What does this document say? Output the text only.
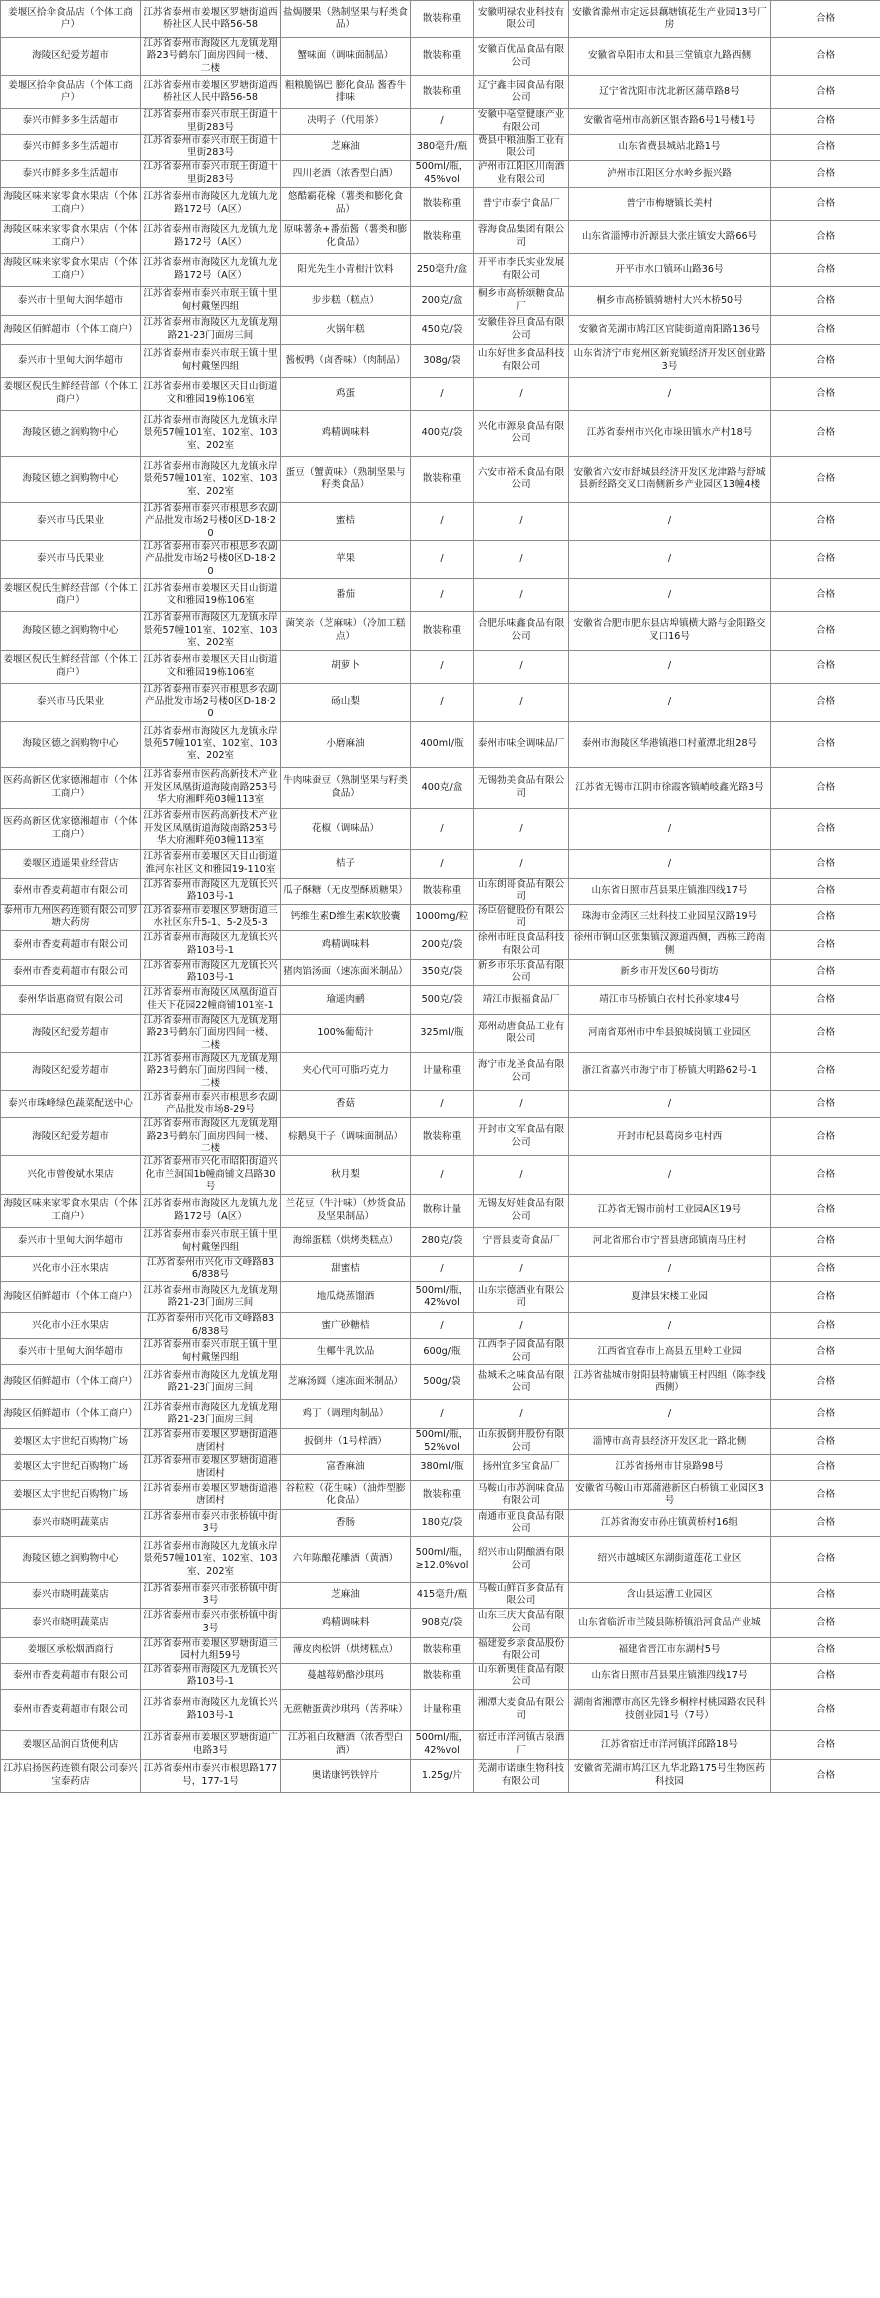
姜堰区拾伞食品店（个体工商户）	江苏省泰州市姜堰区罗塘街道西桥社区人民中路56-58	盐焗腰果（熟制坚果与籽类食品）	散装称重	安徽明禄农业科技有限公司	安徽省滁州市定远县藕塘镇花生产业园13号厂房	合格
海陵区纪爱芳超市	江苏省泰州市海陵区九龙镇龙翔路23号鹤东门面房四间一楼、二楼	蟹味面（调味面制品）	散装称重	安徽百优品食品有限公司	安徽省阜阳市太和县三堂镇京九路西侧	合格
姜堰区拾伞食品店（个体工商户）	江苏省泰州市姜堰区罗塘街道西桥社区人民中路56-58	粗粮脆锅巴 膨化食品 酱香牛排味	散装称重	辽宁鑫丰园食品有限公司	辽宁省沈阳市沈北新区蒲草路8号	合格
泰兴市鲜多多生活超市	江苏省泰州市泰兴市珉王街道十里街283号	决明子（代用茶）	/	安徽中亳堂健康产业有限公司	安徽省亳州市高新区银杏路6号1号楼1号	合格
泰兴市鲜多多生活超市	江苏省泰州市泰兴市珉王街道十里街283号	芝麻油	380毫升/瓶	费县中粮油脂工业有限公司	山东省费县城站北路1号	合格
泰兴市鲜多多生活超市	江苏省泰州市泰兴市珉王街道十里街283号	四川老酒（浓香型白酒）	500ml/瓶，45%vol	泸州市江阳区川南酒业有限公司	泸州市江阳区分水岭乡振兴路	合格
海陵区味来家零食水果店（个体工商户）	江苏省泰州市海陵区九龙镇九龙路172号（A区）	悠酷霸花椽（薯类和膨化食品）	散装称重	普宁市泰宁食品厂	普宁市梅塘镇长美村	合格
海陵区味来家零食水果店（个体工商户）	江苏省泰州市海陵区九龙镇九龙路172号（A区）	原味薯条+番茄酱（薯类和膨化食品）	散装称重	蓉海食品集团有限公司	山东省淄博市沂源县大张庄镇安大路66号	合格
海陵区味来家零食水果店（个体工商户）	江苏省泰州市海陵区九龙镇九龙路172号（A区）	阳光先生小青柑汁饮料	250毫升/盒	开平市李氏实业发展有限公司	开平市水口镇环山路36号	合格
泰兴市十里甸大润华超市	江苏省泰州市泰兴市珉王镇十里甸村戴堡四组	步步糕（糕点）	200克/盒	桐乡市高桥颂糖食品厂	桐乡市高桥镇骑塘村大兴木桥50号	合格
海陵区佰鲜超市（个体工商户）	江苏省泰州市海陵区九龙镇龙翔路21-23门面房三间	火锅年糕	450克/袋	安徽佳谷旦食品有限公司	安徽省芜湖市鸠江区官陡街道南阳路136号	合格
泰兴市十里甸大润华超市	江苏省泰州市泰兴市珉王镇十里甸村戴堡四组	酱板鸭（卤香味）（肉制品）	308g/袋	山东好世多食品科技有限公司	山东省济宁市兖州区新兖镇经济开发区创业路3号	合格
姜堰区倪氏生鲜经营部（个体工商户）	江苏省泰州市姜堰区天目山街道文和雅园19栋106室	鸡蛋	/	/	/	合格
海陵区德之润购物中心	江苏省泰州市海陵区九龙镇永岸景苑57幢101室、102室、103室、202室	鸡精调味料	400克/袋	兴化市源泉食品有限公司	江苏省泰州市兴化市垛田镇水产村18号	合格
海陵区德之润购物中心	江苏省泰州市海陵区九龙镇永岸景苑57幢101室、102室、103室、202室	蛋豆（蟹黄味）（熟制坚果与籽类食品）	散装称重	六安市裕禾食品有限公司	安徽省六安市舒城县经济开发区龙津路与舒城县新经路交叉口南侧新乡产业园区13幢4楼	合格
泰兴市马氏果业	江苏省泰州市泰兴市根思乡农副产品批发市场2号楼0区D-18·20	蜜桔	/	/	/	合格
泰兴市马氏果业	江苏省泰州市泰兴市根思乡农副产品批发市场2号楼0区D-18·20	苹果	/	/	/	合格
姜堰区倪氏生鲜经营部（个体工商户）	江苏省泰州市姜堰区天目山街道文和雅园19栋106室	番茄	/	/	/	合格
海陵区德之润购物中心	江苏省泰州市海陵区九龙镇永岸景苑57幢101室、102室、103室、202室	菌笑亲（芝麻味）（冷加工糕点）	散装称重	合肥乐味鑫食品有限公司	安徽省合肥市肥东县店埠镇横大路与金阳路交叉口16号	合格
姜堰区倪氏生鲜经营部（个体工商户）	江苏省泰州市姜堰区天目山街道文和雅园19栋106室	胡萝卜	/	/	/	合格
泰兴市马氏果业	江苏省泰州市泰兴市根思乡农副产品批发市场2号楼0区D-18·20	砀山梨	/	/	/	合格
海陵区德之润购物中心	江苏省泰州市海陵区九龙镇永岸景苑57幢101室、102室、103室、202室	小磨麻油	400ml/瓶	泰州市味全调味品厂	泰州市海陵区华港镇港口村董潭北组28号	合格
医药高新区优家德湘超市（个体工商户）	江苏省泰州市医药高新技术产业开发区凤凰街道海陵南路253号华大府湘畔苑03幢113室	牛肉味蚕豆（熟制坚果与籽类食品）	400克/盒	无锡勃美食品有限公司	江苏省无锡市江阴市徐霞客镇峭岐鑫光路3号	合格
医药高新区优家德湘超市（个体工商户）	江苏省泰州市医药高新技术产业开发区凤凰街道海陵南路253号华大府湘畔苑03幢113室	花椒（调味品）	/	/	/	合格
姜堰区逍遥果业经营店	江苏省泰州市姜堰区天目山街道淮河东社区文和雅园19-110室	桔子	/	/	/	合格
泰州市香麦莉超市有限公司	江苏省泰州市海陵区九龙镇长兴路103号-1	瓜子酥糖（无皮型酥质糖果）	散装称重	山东朗哥食品有限公司	山东省日照市莒县果庄镇淮四线17号	合格
泰州市九州医药连锁有限公司罗塘大药房	江苏省泰州市姜堰区罗塘街道三水社区东升5-1、5-2及5-3	钙维生素D维生素K软胶囊	1000mg/粒	汤臣倍健股份有限公司	珠海市金湾区三灶科技工业园星汉路19号	合格
泰州市香麦莉超市有限公司	江苏省泰州市海陵区九龙镇长兴路103号-1	鸡精调味料	200克/袋	徐州市旺良食品科技有限公司	徐州市铜山区张集镇汉源道西侧，西栋三跨南侧	合格
泰州市香麦莉超市有限公司	江苏省泰州市海陵区九龙镇长兴路103号-1	猪肉馅汤面（速冻面米制品）	350克/袋	新乡市乐乐食品有限公司	新乡市开发区60号街坊	合格
泰州华诣惠商贸有限公司	江苏省泰州市海陵区凤凰街道百佳天下花园22幢商铺101室-1	瑜遥肉鹂	500克/袋	靖江市振福食品厂	靖江市马桥镇白衣村长孙家埭4号	合格
海陵区纪爱芳超市	江苏省泰州市海陵区九龙镇龙翔路23号鹤东门面房四间一楼、二楼	100%葡萄汁	325ml/瓶	郑州动唐食品工业有限公司	河南省郑州市中牟县狼城岗镇工业园区	合格
海陵区纪爱芳超市	江苏省泰州市海陵区九龙镇龙翔路23号鹤东门面房四间一楼、二楼	夹心代可可脂巧克力	计量称重	海宁市龙圣食品有限公司	浙江省嘉兴市海宁市丁桥镇大明路62号-1	合格
泰兴市珠峰绿色蔬菜配送中心	江苏省泰州市泰兴市根思乡农副产品批发市场8-29号	香菇	/	/	/	合格
海陵区纪爱芳超市	江苏省泰州市海陵区九龙镇龙翔路23号鹤东门面房四间一楼、二楼	棕鹅臭干子（调味面制品）	散装称重	开封市文军食品有限公司	开封市杞县葛岗乡屯村西	合格
兴化市曾俊斌水果店	江苏省泰州市兴化市昭阳街道兴化市兰洞国1b幢商铺文昌路30号	秋月梨	/	/	/	合格
海陵区味来家零食水果店（个体工商户）	江苏省泰州市海陵区九龙镇九龙路172号（A区）	兰花豆（牛汁味）（炒货食品及坚果制品）	散称计量	无锡友好娃食品有限公司	江苏省无锡市前村工业园A区19号	合格
泰兴市十里甸大润华超市	江苏省泰州市泰兴市珉王镇十里甸村戴堡四组	海绵蛋糕（烘烤类糕点）	280克/袋	宁晋县麦奇食品厂	河北省邢台市宁晋县唐邱镇南马庄村	合格
兴化市小汪水果店	江苏省泰州市兴化市文峰路836/838号	甜蜜桔	/	/	/	合格
海陵区佰鲜超市（个体工商户）	江苏省泰州市海陵区九龙镇龙翔路21-23门面房三间	地瓜烧蒸馏酒	500ml/瓶，42%vol	山东宗德酒业有限公司	夏津县宋楼工业园	合格
兴化市小汪水果店	江苏省泰州市兴化市文峰路836/838号	蜜广砂糖桔	/	/	/	合格
泰兴市十里甸大润华超市	江苏省泰州市泰兴市珉王镇十里甸村戴堡四组	生椰牛乳饮品	600g/瓶	江西李子园食品有限公司	江西省宜春市上高县五里岭工业园	合格
海陵区佰鲜超市（个体工商户）	江苏省泰州市海陵区九龙镇龙翔路21-23门面房三间	芝麻汤圆（速冻面米制品）	500g/袋	盐城禾之味食品有限公司	江苏省盐城市射阳县特庸镇王村四组（陈李线西侧）	合格
海陵区佰鲜超市（个体工商户）	江苏省泰州市海陵区九龙镇龙翔路21-23门面房三间	鸡丁（调理肉制品）	/	/	/	合格
姜堰区太宇世纪百购物广场	江苏省泰州市姜堰区罗塘街道港唐团村	扳倒井（1号样酒）	500ml/瓶，52%vol	山东扳倒井股份有限公司	淄博市高青县经济开发区北一路北侧	合格
姜堰区太宇世纪百购物广场	江苏省泰州市姜堰区罗塘街道港唐团村	富香麻油	380ml/瓶	扬州宜多宝食品厂	江苏省扬州市甘泉路98号	合格
姜堰区太宇世纪百购物广场	江苏省泰州市姜堰区罗塘街道港唐团村	谷粒粒（花生味）（油炸型膨化食品）	散装称重	马鞍山市苏润味食品有限公司	安徽省马鞍山市郑蒲港新区白桥镇工业园区3号	合格
泰兴市晓明蔬菜店	江苏省泰州市泰兴市张桥镇中街3号	香肠	180克/袋	南通市亚良食品有限公司	江苏省海安市孙庄镇黄桥村16组	合格
海陵区德之润购物中心	江苏省泰州市海陵区九龙镇永岸景苑57幢101室、102室、103室、202室	六年陈酿花雕酒（黄酒）	500ml/瓶，≥12.0%vol	绍兴市山阴酿酒有限公司	绍兴市越城区东湖街道莲花工业区	合格
泰兴市晓明蔬菜店	江苏省泰州市泰兴市张桥镇中街3号	芝麻油	415毫升/瓶	马鞍山鲜百多食品有限公司	含山县运漕工业园区	合格
泰兴市晓明蔬菜店	江苏省泰州市泰兴市张桥镇中街3号	鸡精调味料	908克/袋	山东三庆大食品有限公司	山东省临沂市兰陵县陈桥镇沿河食品产业城	合格
姜堰区承松烟酒商行	江苏省泰州市姜堰区罗塘街道三园村九组59号	薄皮肉松饼（烘烤糕点）	散装称重	福建爱乡亲食品股份有限公司	福建省晋江市东湖村5号	合格
泰州市香麦莉超市有限公司	江苏省泰州市海陵区九龙镇长兴路103号-1	蔓越莓奶酪沙琪玛	散装称重	山东新奥佳食品有限公司	山东省日照市莒县果庄镇淮四线17号	合格
泰州市香麦莉超市有限公司	江苏省泰州市海陵区九龙镇长兴路103号-1	无蔗糖蛋黄沙琪玛（苦荞味）	计量称重	湘潭大麦食品有限公司	湖南省湘潭市高区先锋乡桐梓村桃园路农民科技创业园1号（7号）	合格
姜堰区品润百货便利店	江苏省泰州市姜堰区罗塘街道广电路3号	江苏祖白玫糖酒（浓香型白酒）	500ml/瓶，42%vol	宿迁市洋河镇古泉酒厂	江苏省宿迁市洋河镇洋邱路18号	合格
江苏启扬医药连锁有限公司泰兴宝泰药店	江苏省泰州市泰兴市根思路177号，177-1号	奥诺康钙铁锌片	1.25g/片	芜湖市诺康生物科技有限公司	安徽省芜湖市鸠江区九华北路175号生物医药科技园	合格
